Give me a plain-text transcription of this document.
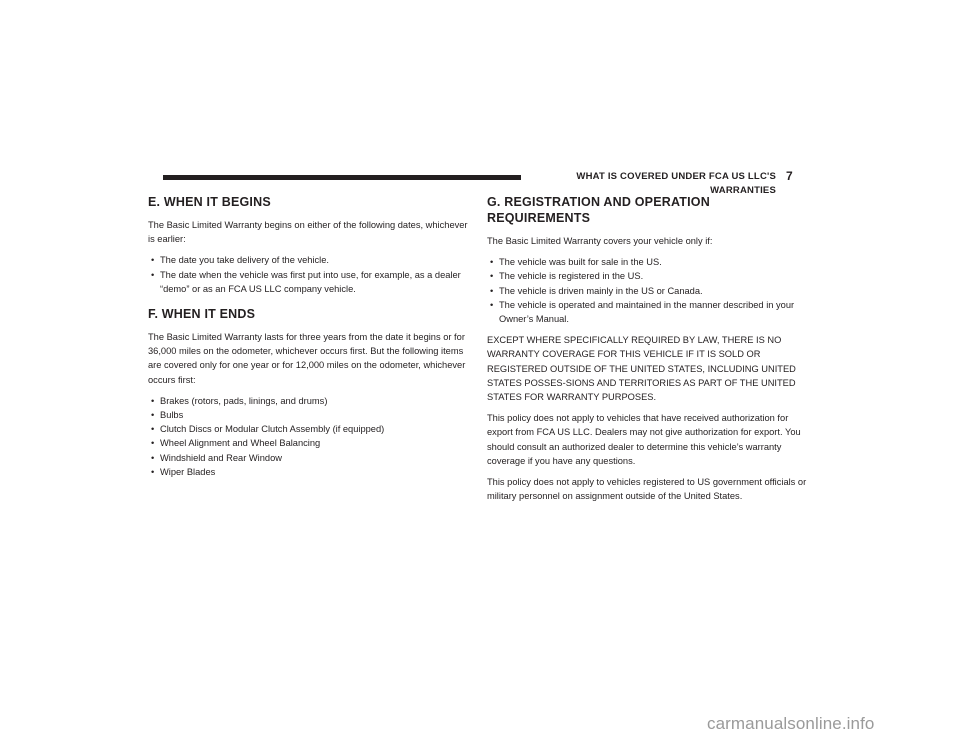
WHAT IS COVERED UNDER FCA US LLC'S WARRANTIES
7
E. WHEN IT BEGINS

The Basic Limited Warranty begins on either of the following dates, whichever is earlier:

• The date you take delivery of the vehicle.
• The date when the vehicle was first put into use, for example, as a dealer “demo” or as an FCA US LLC company vehicle.
F. WHEN IT ENDS

The Basic Limited Warranty lasts for three years from the date it begins or for 36,000 miles on the odometer, whichever occurs first. But the following items are covered only for one year or for 12,000 miles on the odometer, whichever occurs first:

• Brakes (rotors, pads, linings, and drums)
• Bulbs
• Clutch Discs or Modular Clutch Assembly (if equipped)
• Wheel Alignment and Wheel Balancing
• Windshield and Rear Window
• Wiper Blades
G. REGISTRATION AND OPERATION REQUIREMENTS

The Basic Limited Warranty covers your vehicle only if:

• The vehicle was built for sale in the US.
• The vehicle is registered in the US.
• The vehicle is driven mainly in the US or Canada.
• The vehicle is operated and maintained in the manner described in your Owner’s Manual.

EXCEPT WHERE SPECIFICALLY REQUIRED BY LAW, THERE IS NO WARRANTY COVERAGE FOR THIS VEHICLE IF IT IS SOLD OR REGISTERED OUTSIDE OF THE UNITED STATES, INCLUDING UNITED STATES POSSES-SIONS AND TERRITORIES AS PART OF THE UNITED STATES FOR WARRANTY PURPOSES.

This policy does not apply to vehicles that have received authorization for export from FCA US LLC. Dealers may not give authorization for export. You should consult an authorized dealer to determine this vehicle’s warranty coverage if you have any questions.

This policy does not apply to vehicles registered to US government officials or military personnel on assignment outside of the United States.

carmanualsonline.info
